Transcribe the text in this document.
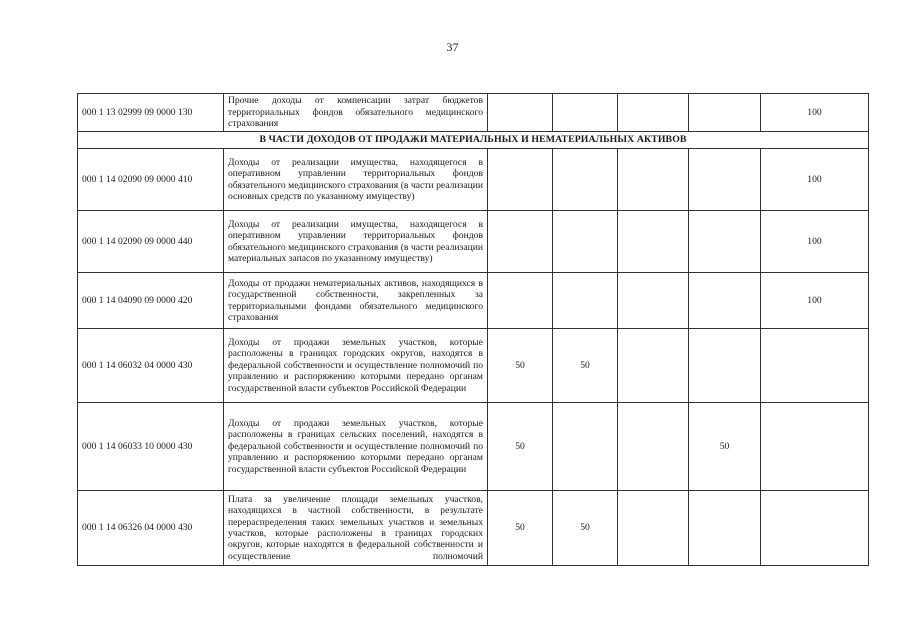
37
000 1 13 02999 09 0000 130	Прочие доходы от компенсации затрат бюджетов территориальных фондов обязательного медицинского страхования					100
В ЧАСТИ ДОХОДОВ ОТ ПРОДАЖИ МАТЕРИАЛЬНЫХ И НЕМАТЕРИАЛЬНЫХ АКТИВОВ						
000 1 14 02090 09 0000 410	Доходы от реализации имущества, находящегося в оперативном управлении территориальных фондов обязательного медицинского страхования (в части реализации основных средств по указанному имуществу)					100
000 1 14 02090 09 0000 440	Доходы от реализации имущества, находящегося в оперативном управлении территориальных фондов обязательного медицинского страхования (в части реализации материальных запасов по указанному имуществу)					100
000 1 14 04090 09 0000 420	Доходы от продажи нематериальных активов, находящихся в государственной собственности, закрепленных за территориальными фондами обязательного медицинского страхования					100
000 1 14 06032 04 0000 430	Доходы от продажи земельных участков, которые расположены в границах городских округов, находятся в федеральной собственности и осуществление полномочий по управлению и распоряжению которыми передано органам государственной власти субъектов Российской Федерации	50	50			
000 1 14 06033 10 0000 430	Доходы от продажи земельных участков, которые расположены в границах сельских поселений, находятся в федеральной собственности и осуществление полномочий по управлению и распоряжению которыми передано органам государственной власти субъектов Российской Федерации	50			50	
000 1 14 06326 04 0000 430	Плата за увеличение площади земельных участков, находящихся в частной собственности, в результате перераспределения таких земельных участков и земельных участков, которые расположены в границах городских округов, которые находятся в федеральной собственности и осуществление полномочий	50	50			
